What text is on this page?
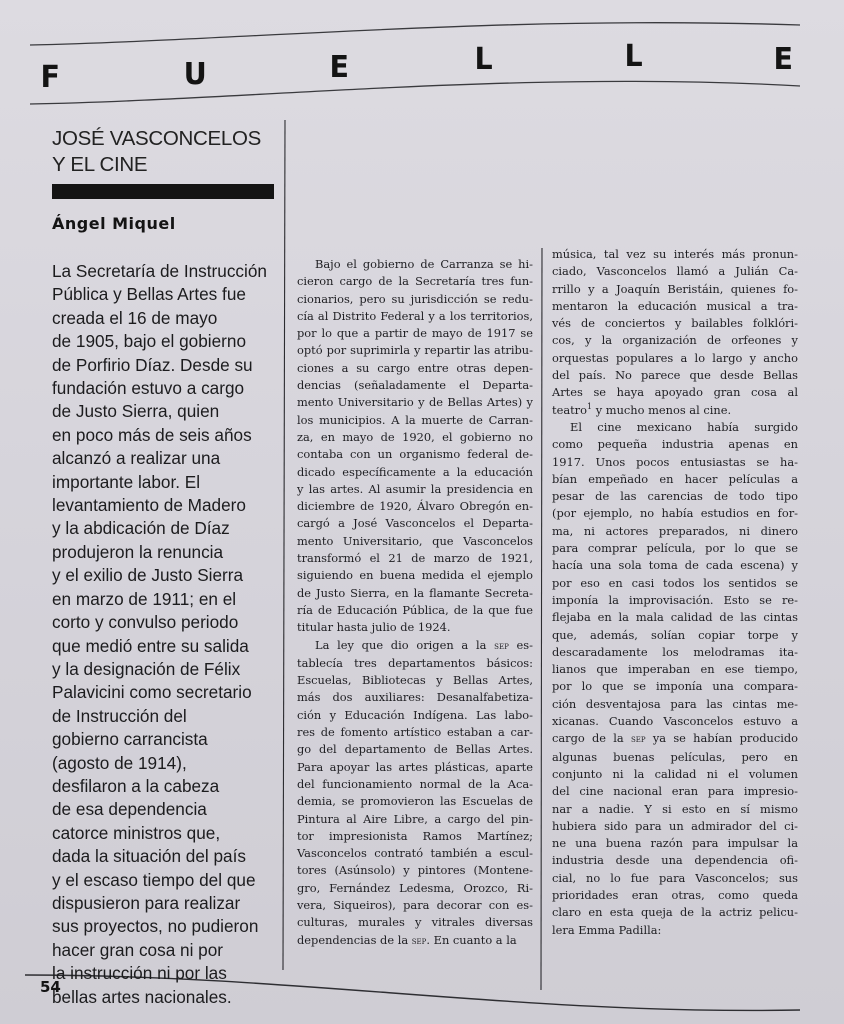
F	U	E	L	L	E
JOSÉ VASCONCELOS
Y EL CINE
Ángel Miquel
La Secretaría de Instrucción
Pública y Bellas Artes fue
creada el 16 de mayo
de 1905, bajo el gobierno
de Porfirio Díaz. Desde su
fundación estuvo a cargo
de Justo Sierra, quien
en poco más de seis años
alcanzó a realizar una
importante labor. El
levantamiento de Madero
y la abdicación de Díaz
produjeron la renuncia
y el exilio de Justo Sierra
en marzo de 1911; en el
corto y convulso periodo
que medió entre su salida
y la designación de Félix
Palavicini como secretario
de Instrucción del
gobierno carrancista
(agosto de 1914),
desfilaron a la cabeza
de esa dependencia
catorce ministros que,
dada la situación del país
y el escaso tiempo del que
dispusieron para realizar
sus proyectos, no pudieron
hacer gran cosa ni por
la instrucción ni por las
bellas artes nacionales.
Bajo el gobierno de Carranza se hi-
cieron cargo de la Secretaría tres fun-
cionarios, pero su jurisdicción se redu-
cía al Distrito Federal y a los territorios,
por lo que a partir de mayo de 1917 se
optó por suprimirla y repartir las atribu-
ciones a su cargo entre otras depen-
dencias (señaladamente el Departa-
mento Universitario y de Bellas Artes) y
los municipios. A la muerte de Carran-
za, en mayo de 1920, el gobierno no
contaba con un organismo federal de-
dicado específicamente a la educación
y las artes. Al asumir la presidencia en
diciembre de 1920, Álvaro Obregón en-
cargó a José Vasconcelos el Departa-
mento Universitario, que Vasconcelos
transformó el 21 de marzo de 1921,
siguiendo en buena medida el ejemplo
de Justo Sierra, en la flamante Secreta-
ría de Educación Pública, de la que fue
titular hasta julio de 1924.
La ley que dio origen a la sep es-
tablecía tres departamentos básicos:
Escuelas, Bibliotecas y Bellas Artes,
más dos auxiliares: Desanalfabetiza-
ción y Educación Indígena. Las labo-
res de fomento artístico estaban a car-
go del departamento de Bellas Artes.
Para apoyar las artes plásticas, aparte
del funcionamiento normal de la Aca-
demia, se promovieron las Escuelas de
Pintura al Aire Libre, a cargo del pin-
tor impresionista Ramos Martínez;
Vasconcelos contrató también a escul-
tores (Asúnsolo) y pintores (Montene-
gro, Fernández Ledesma, Orozco, Ri-
vera, Siqueiros), para decorar con es-
culturas, murales y vitrales diversas
dependencias de la sep. En cuanto a la
música, tal vez su interés más pronun-
ciado, Vasconcelos llamó a Julián Ca-
rrillo y a Joaquín Beristáin, quienes fo-
mentaron la educación musical a tra-
vés de conciertos y bailables folklóri-
cos, y la organización de orfeones y
orquestas populares a lo largo y ancho
del país. No parece que desde Bellas
Artes se haya apoyado gran cosa al
teatro$^1$ y mucho menos al cine.
El cine mexicano había surgido
como pequeña industria apenas en
1917. Unos pocos entusiastas se ha-
bían empeñado en hacer películas a
pesar de las carencias de todo tipo
(por ejemplo, no había estudios en for-
ma, ni actores preparados, ni dinero
para comprar película, por lo que se
hacía una sola toma de cada escena) y
por eso en casi todos los sentidos se
imponía la improvisación. Esto se re-
flejaba en la mala calidad de las cintas
que, además, solían copiar torpe y
descaradamente los melodramas ita-
lianos que imperaban en ese tiempo,
por lo que se imponía una compara-
ción desventajosa para las cintas me-
xicanas. Cuando Vasconcelos estuvo a
cargo de la sep ya se habían producido
algunas buenas películas, pero en
conjunto ni la calidad ni el volumen
del cine nacional eran para impresio-
nar a nadie. Y si esto en sí mismo
hubiera sido para un admirador del ci-
ne una buena razón para impulsar la
industria desde una dependencia ofi-
cial, no lo fue para Vasconcelos; sus
prioridades eran otras, como queda
claro en esta queja de la actriz pelicu-
lera Emma Padilla:
54
